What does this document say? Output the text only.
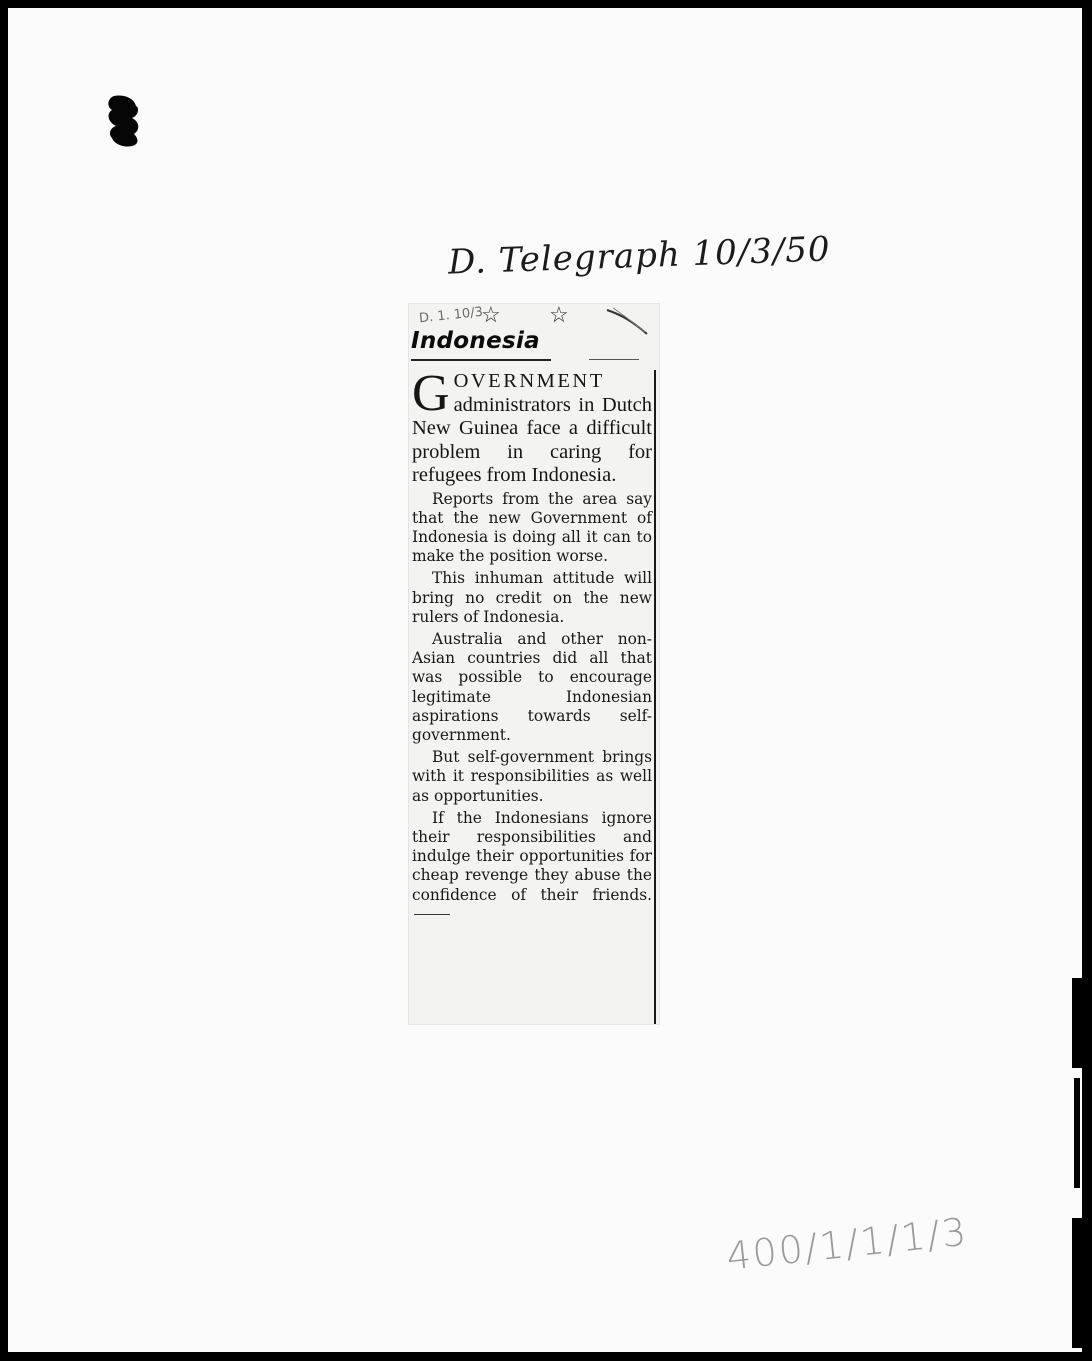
D. Telegraph 10/3/50
400/1/1/1/3
D. 1. 10/3
☆ ☆
Indonesia

GOVERNMENT administrators in Dutch New Guinea face a difficult problem in caring for refugees from Indonesia.

Reports from the area say that the new Government of Indonesia is doing all it can to make the position worse.

This inhuman attitude will bring no credit on the new rulers of Indonesia.

Australia and other non-Asian countries did all that was possible to encourage legitimate Indonesian aspirations towards self-government.

But self-government brings with it responsibilities as well as opportunities.

If the Indonesians ignore their responsibilities and indulge their opportunities for cheap revenge they abuse the confidence of their friends.
